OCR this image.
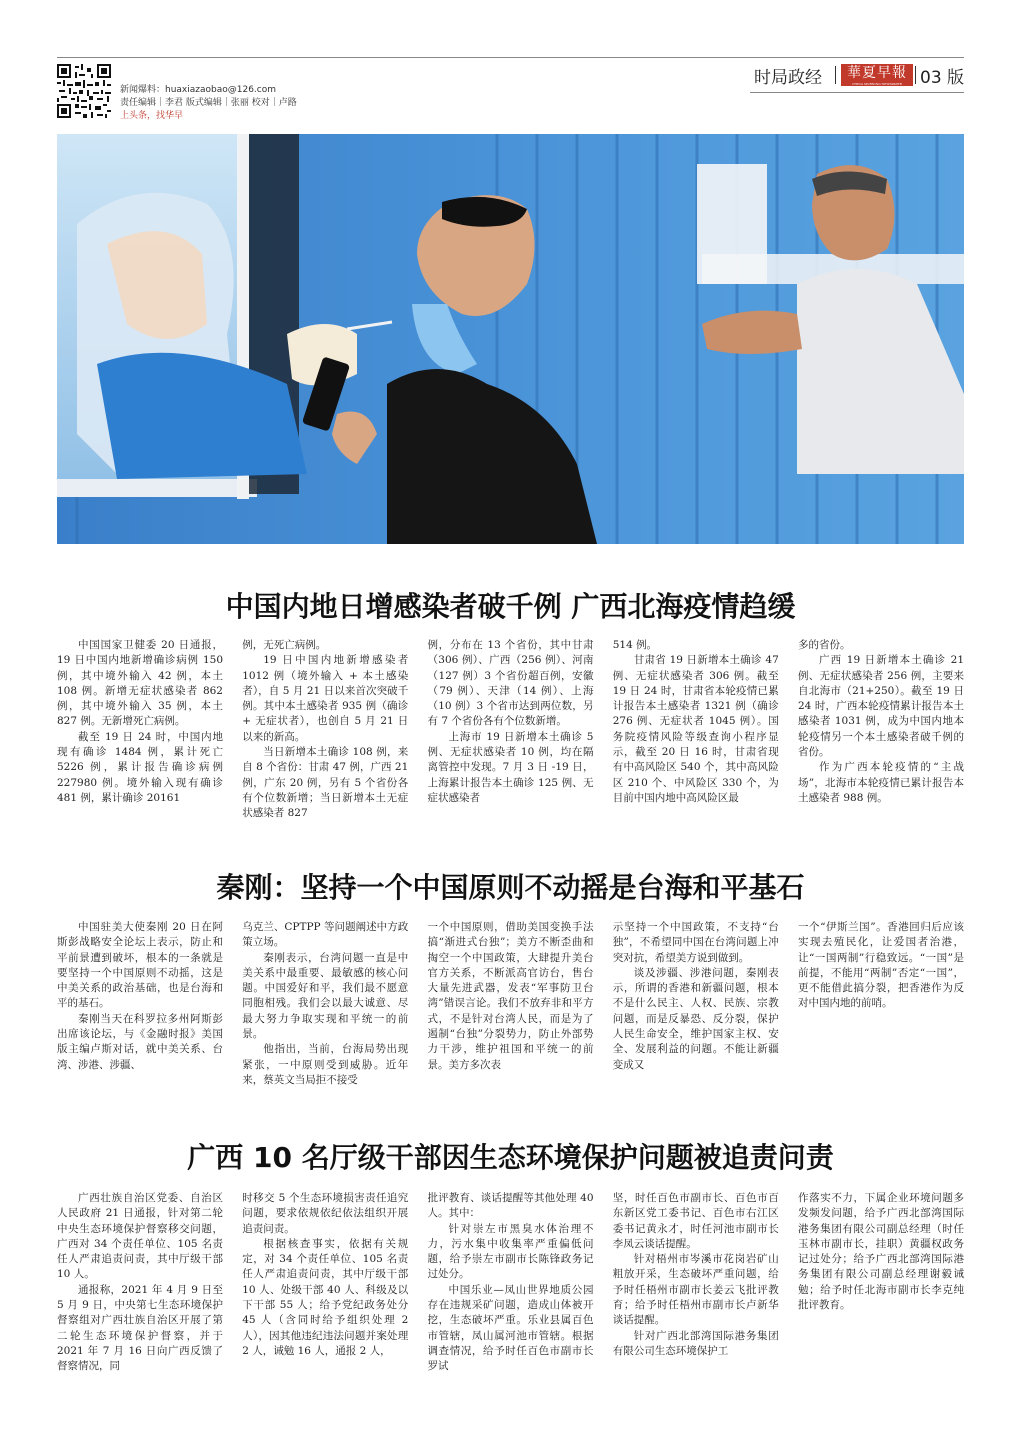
新闻爆料：huaxiazaobao@126.com
责任编辑｜李君 版式编辑｜张丽 校对｜卢路
上头条，找华早
时局政经	華夏早報
CHINA MORNING NEWSPAPER	03 版
中国内地日增感染者破千例 广西北海疫情趋缓

中国国家卫健委 20 日通报，19 日中国内地新增确诊病例 150 例，其中境外输入 42 例，本土 108 例。新增无症状感染者 862 例，其中境外输入 35 例，本土 827 例。无新增死亡病例。

截至 19 日 24 时，中国内地现有确诊 1484 例，累计死亡 5226 例，累计报告确诊病例 227980 例。境外输入现有确诊 481 例，累计确诊 20161

例，无死亡病例。

19 日中国内地新增感染者 1012 例（境外输入 + 本土感染者），自 5 月 21 日以来首次突破千例。其中本土感染者 935 例（确诊 + 无症状者），也创自 5 月 21 日以来的新高。

当日新增本土确诊 108 例，来自 8 个省份：甘肃 47 例，广西 21 例，广东 20 例，另有 5 个省份各有个位数新增；当日新增本土无症状感染者 827

例，分布在 13 个省份，其中甘肃（306 例）、广西（256 例）、河南（127 例）3 个省份超百例，安徽（79 例）、天津（14 例）、上海（10 例）3 个省市达到两位数，另有 7 个省份各有个位数新增。

上海市 19 日新增本土确诊 5 例、无症状感染者 10 例，均在隔离管控中发现。7 月 3 日 -19 日，上海累计报告本土确诊 125 例、无症状感染者

514 例。

甘肃省 19 日新增本土确诊 47 例、无症状感染者 306 例。截至 19 日 24 时，甘肃省本轮疫情已累计报告本土感染者 1321 例（确诊 276 例、无症状者 1045 例）。国务院疫情风险等级查询小程序显示，截至 20 日 16 时，甘肃省现有中高风险区 540 个，其中高风险区 210 个、中风险区 330 个，为目前中国内地中高风险区最

多的省份。

广西 19 日新增本土确诊 21 例、无症状感染者 256 例，主要来自北海市（21+250）。截至 19 日 24 时，广西本轮疫情累计报告本土感染者 1031 例，成为中国内地本轮疫情另一个本土感染者破千例的省份。

作为广西本轮疫情的“主战场”，北海市本轮疫情已累计报告本土感染者 988 例。

秦刚：坚持一个中国原则不动摇是台海和平基石

中国驻美大使秦刚 20 日在阿斯彭战略安全论坛上表示，防止和平前景遭到破坏，根本的一条就是要坚持一个中国原则不动摇，这是中美关系的政治基础，也是台海和平的基石。

秦刚当天在科罗拉多州阿斯彭出席该论坛，与《金融时报》美国版主编卢斯对话，就中美关系、台湾、涉港、涉疆、

乌克兰、CPTPP 等问题阐述中方政策立场。

秦刚表示，台湾问题一直是中美关系中最重要、最敏感的核心问题。中国爱好和平，我们最不愿意同胞相残。我们会以最大诚意、尽最大努力争取实现和平统一的前景。

他指出，当前，台海局势出现紧张，一中原则受到威胁。近年来，蔡英文当局拒不接受

一个中国原则，借助美国变换手法搞“渐进式台独”；美方不断歪曲和掏空一个中国政策，大肆提升美台官方关系，不断派高官访台，售台大量先进武器，发表“军事防卫台湾”错误言论。我们不放弃非和平方式，不是针对台湾人民，而是为了遏制“台独”分裂势力，防止外部势力干涉，维护祖国和平统一的前景。美方多次表

示坚持一个中国政策，不支持“台独”，不希望同中国在台湾问题上冲突对抗，希望美方说到做到。

谈及涉疆、涉港问题，秦刚表示，所谓的香港和新疆问题，根本不是什么民主、人权、民族、宗教问题，而是反暴恐、反分裂，保护人民生命安全，维护国家主权、安全、发展利益的问题。不能让新疆变成又

一个“伊斯兰国”。香港回归后应该实现去殖民化，让爱国者治港，让“一国两制”行稳致远。“一国”是前提，不能用“两制”否定“一国”，更不能借此搞分裂，把香港作为反对中国内地的前哨。

广西 10 名厅级干部因生态环境保护问题被追责问责

广西壮族自治区党委、自治区人民政府 21 日通报，针对第二轮中央生态环境保护督察移交问题，广西对 34 个责任单位、105 名责任人严肃追责问责，其中厅级干部 10 人。

通报称，2021 年 4 月 9 日至 5 月 9 日，中央第七生态环境保护督察组对广西壮族自治区开展了第二轮生态环境保护督察，并于 2021 年 7 月 16 日向广西反馈了督察情况，同

时移交 5 个生态环境损害责任追究问题，要求依规依纪依法组织开展追责问责。

根据核查事实，依据有关规定，对 34 个责任单位、105 名责任人严肃追责问责，其中厅级干部 10 人、处级干部 40 人、科级及以下干部 55 人；给予党纪政务处分 45 人（含同时给予组织处理 2 人），因其他违纪违法问题并案处理 2 人，诫勉 16 人，通报 2 人，

批评教育、谈话提醒等其他处理 40 人。其中：

针对崇左市黑臭水体治理不力，污水集中收集率严重偏低问题，给予崇左市副市长陈锋政务记过处分。

中国乐业—凤山世界地质公园存在违规采矿问题，造成山体被开挖，生态破坏严重。乐业县属百色市管辖，凤山属河池市管辖。根据调查情况，给予时任百色市副市长罗试

坚，时任百色市副市长、百色市百东新区党工委书记、百色市右江区委书记黄永才，时任河池市副市长李凤云谈话提醒。

针对梧州市岑溪市花岗岩矿山粗放开采，生态破坏严重问题，给予时任梧州市副市长姜云飞批评教育；给予时任梧州市副市长卢新华谈话提醒。

针对广西北部湾国际港务集团有限公司生态环境保护工

作落实不力，下属企业环境问题多发频发问题，给予广西北部湾国际港务集团有限公司副总经理（时任玉林市副市长，挂职）黄疆权政务记过处分；给予广西北部湾国际港务集团有限公司副总经理谢毅诫勉；给予时任北海市副市长李克纯批评教育。
